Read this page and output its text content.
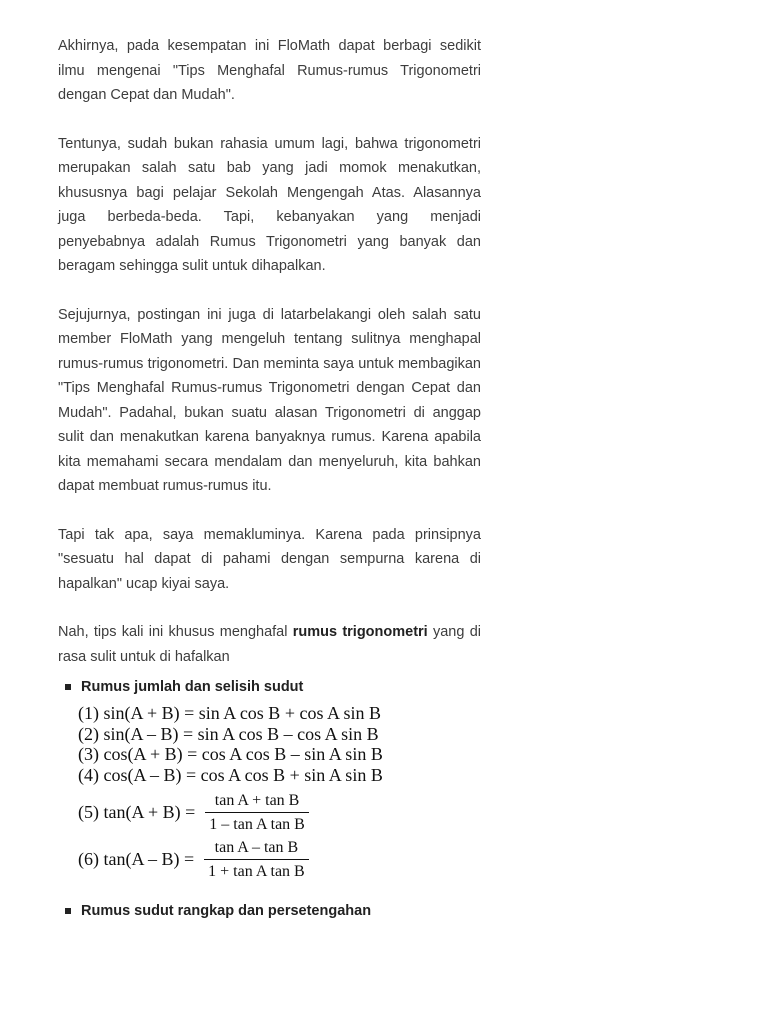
Akhirnya, pada kesempatan ini FloMath dapat berbagi sedikit ilmu mengenai "Tips Menghafal Rumus-rumus Trigonometri dengan Cepat dan Mudah".

Tentunya, sudah bukan rahasia umum lagi, bahwa trigonometri merupakan salah satu bab yang jadi momok menakutkan, khususnya bagi pelajar Sekolah Mengengah Atas. Alasannya juga berbeda-beda. Tapi, kebanyakan yang menjadi penyebabnya adalah Rumus Trigonometri yang banyak dan beragam sehingga sulit untuk dihapalkan.

Sejujurnya, postingan ini juga di latarbelakangi oleh salah satu member FloMath yang mengeluh tentang sulitnya menghapal rumus-rumus trigonometri. Dan meminta saya untuk membagikan "Tips Menghafal Rumus-rumus Trigonometri dengan Cepat dan Mudah". Padahal, bukan suatu alasan Trigonometri di anggap sulit dan menakutkan karena banyaknya rumus. Karena apabila kita memahami secara mendalam dan menyeluruh, kita bahkan dapat membuat rumus-rumus itu.

Tapi tak apa, saya memakluminya. Karena pada prinsipnya "sesuatu hal dapat di pahami dengan sempurna karena di hapalkan" ucap kiyai saya.

Nah, tips kali ini khusus menghafal rumus trigonometri yang di rasa sulit untuk di hafalkan

Rumus jumlah dan selisih sudut
(1) sin(A + B) = sin A cos B + cos A sin B
(2) sin(A – B) = sin A cos B – cos A sin B
(3) cos(A + B) = cos A cos B – sin A sin B
(4) cos(A – B) = cos A cos B + sin A sin B
(5) $\tan(A + B) = \frac{\text{tan A + tan B}}{\text{1 – tan A tan B}}$
(6) $\tan(A - B) = \frac{\text{tan A – tan B}}{\text{1 + tan A tan B}}$
Rumus sudut rangkap dan persetengahan
